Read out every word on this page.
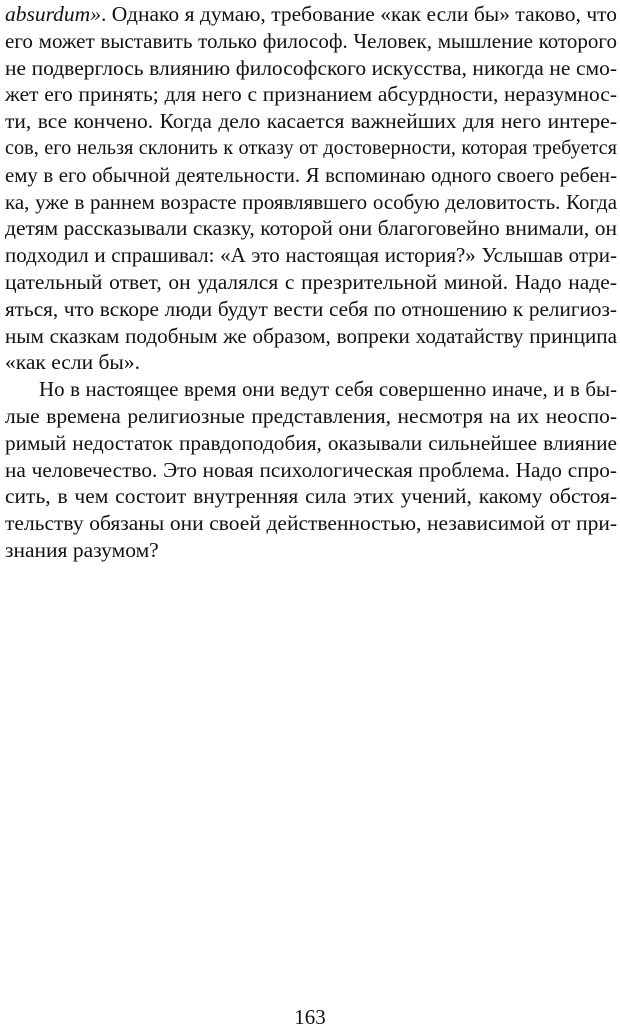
absurdum». Однако я думаю, требование «как если бы» таково, что
его может выставить только философ. Человек, мышление которого
не подверглось влиянию философского искусства, никогда не смо-
жет его принять; для него с признанием абсурдности, неразумнос-
ти, все кончено. Когда дело касается важнейших для него интере-
сов, его нельзя склонить к отказу от достоверности, которая требуется
ему в его обычной деятельности. Я вспоминаю одного своего ребен-
ка, уже в раннем возрасте проявлявшего особую деловитость. Когда
детям рассказывали сказку, которой они благоговейно внимали, он
подходил и спрашивал: «А это настоящая история?» Услышав отри-
цательный ответ, он удалялся с презрительной миной. Надо наде-
яться, что вскоре люди будут вести себя по отношению к религиоз-
ным сказкам подобным же образом, вопреки ходатайству принципа
«как если бы».
Но в настоящее время они ведут себя совершенно иначе, и в бы-
лые времена религиозные представления, несмотря на их неоспо-
римый недостаток правдоподобия, оказывали сильнейшее влияние
на человечество. Это новая психологическая проблема. Надо спро-
сить, в чем состоит внутренняя сила этих учений, какому обстоя-
тельству обязаны они своей действенностью, независимой от при-
знания разумом?
163
